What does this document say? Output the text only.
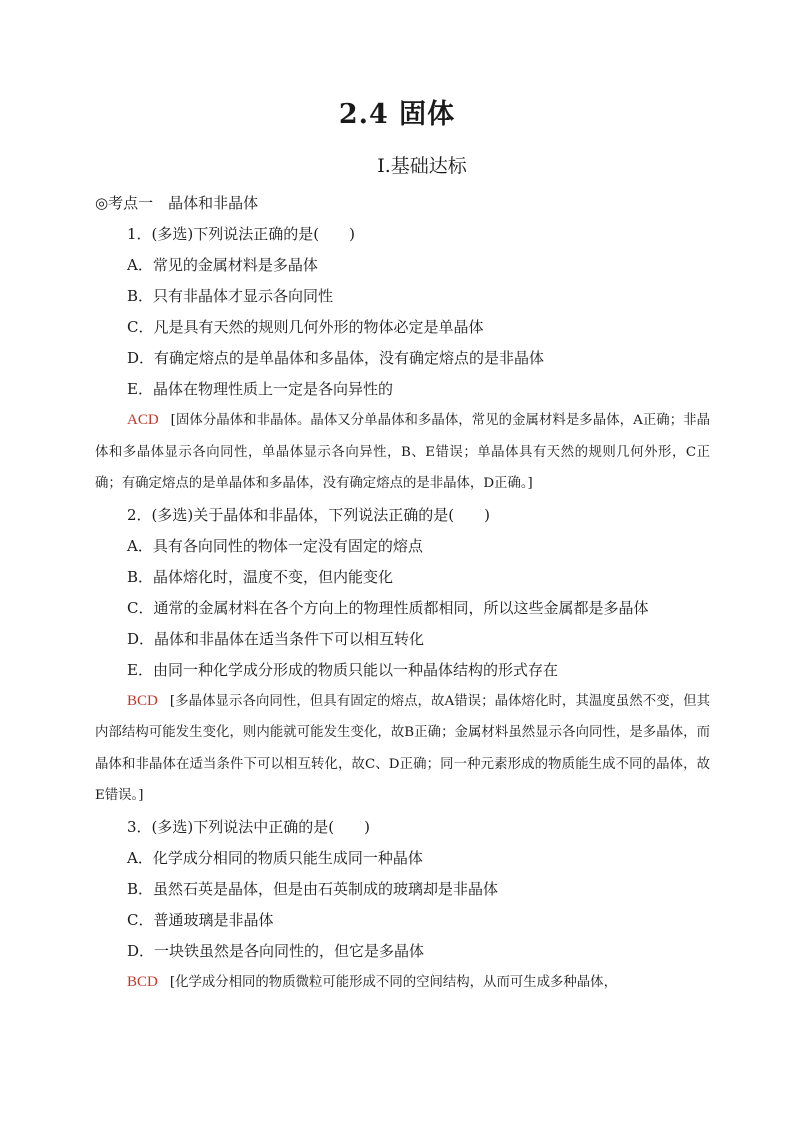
2.4 固体
Ⅰ.基础达标
◎考点一　晶体和非晶体
1．(多选)下列说法正确的是(　　)
A．常见的金属材料是多晶体
B．只有非晶体才显示各向同性
C．凡是具有天然的规则几何外形的物体必定是单晶体
D．有确定熔点的是单晶体和多晶体，没有确定熔点的是非晶体
E．晶体在物理性质上一定是各向异性的
ACD [固体分晶体和非晶体。晶体又分单晶体和多晶体，常见的金属材料是多晶体，A正确；非晶体和多晶体显示各向同性，单晶体显示各向异性，B、E错误；单晶体具有天然的规则几何外形，C正确；有确定熔点的是单晶体和多晶体，没有确定熔点的是非晶体，D正确。]
2．(多选)关于晶体和非晶体，下列说法正确的是(　　)
A．具有各向同性的物体一定没有固定的熔点
B．晶体熔化时，温度不变，但内能变化
C．通常的金属材料在各个方向上的物理性质都相同，所以这些金属都是多晶体
D．晶体和非晶体在适当条件下可以相互转化
E．由同一种化学成分形成的物质只能以一种晶体结构的形式存在
BCD [多晶体显示各向同性，但具有固定的熔点，故A错误；晶体熔化时，其温度虽然不变，但其内部结构可能发生变化，则内能就可能发生变化，故B正确；金属材料虽然显示各向同性，是多晶体，而晶体和非晶体在适当条件下可以相互转化，故C、D正确；同一种元素形成的物质能生成不同的晶体，故E错误。]
3．(多选)下列说法中正确的是(　　)
A．化学成分相同的物质只能生成同一种晶体
B．虽然石英是晶体，但是由石英制成的玻璃却是非晶体
C．普通玻璃是非晶体
D．一块铁虽然是各向同性的，但它是多晶体
BCD [化学成分相同的物质微粒可能形成不同的空间结构，从而可生成多种晶体，
